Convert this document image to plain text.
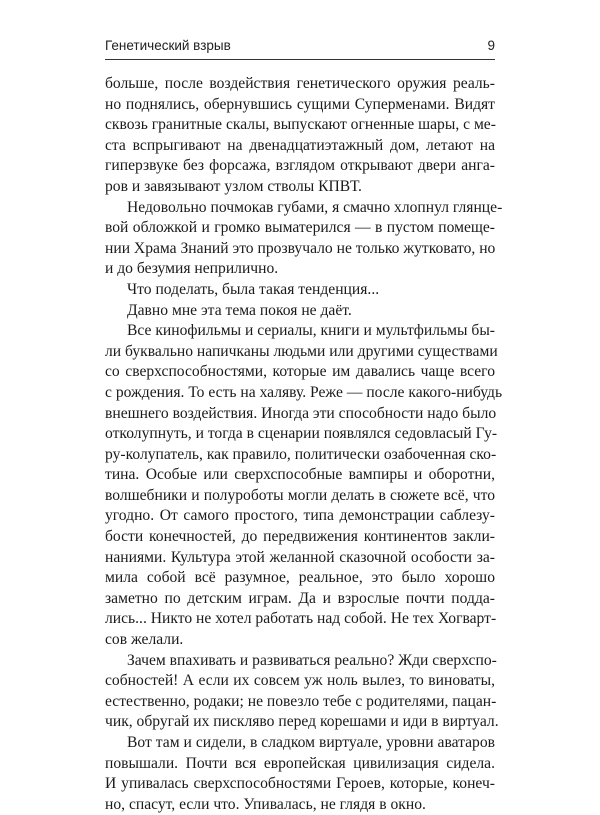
Генетический взрыв	9
больше, после воздействия генетического оружия реаль-
но поднялись, обернувшись сущими Суперменами. Видят
сквозь гранитные скалы, выпускают огненные шары, с ме-
ста вспрыгивают на двенадцатиэтажный дом, летают на
гиперзвуке без форсажа, взглядом открывают двери анга-
ров и завязывают узлом стволы КПВТ.
Недовольно почмокав губами, я смачно хлопнул глянце-
вой обложкой и громко выматерился — в пустом помеще-
нии Храма Знаний это прозвучало не только жутковато, но
и до безумия неприлично.
Что поделать, была такая тенденция...
Давно мне эта тема покоя не даёт.
Все кинофильмы и сериалы, книги и мультфильмы бы-
ли буквально напичканы людьми или другими существами
со сверхспособностями, которые им давались чаще всего
с рождения. То есть на халяву. Реже — после какого-нибудь
внешнего воздействия. Иногда эти способности надо было
отколупнуть, и тогда в сценарии появлялся седовласый Гу-
ру-колупатель, как правило, политически озабоченная ско-
тина. Особые или сверхспособные вампиры и оборотни,
волшебники и полуроботы могли делать в сюжете всё, что
угодно. От самого простого, типа демонстрации саблезу-
бости конечностей, до передвижения континентов закли-
наниями. Культура этой желанной сказочной особости за-
мила собой всё разумное, реальное, это было хорошо
заметно по детским играм. Да и взрослые почти подда-
лись... Никто не хотел работать над собой. Не тех Хогварт-
сов желали.
Зачем впахивать и развиваться реально? Жди сверхспо-
собностей! А если их совсем уж ноль вылез, то виноваты,
естественно, родаки; не повезло тебе с родителями, пацан-
чик, обругай их пискляво перед корешами и иди в виртуал.
Вот там и сидели, в сладком виртуале, уровни аватаров
повышали. Почти вся европейская цивилизация сидела.
И упивалась сверхспособностями Героев, которые, конеч-
но, спасут, если что. Упивалась, не глядя в окно.
